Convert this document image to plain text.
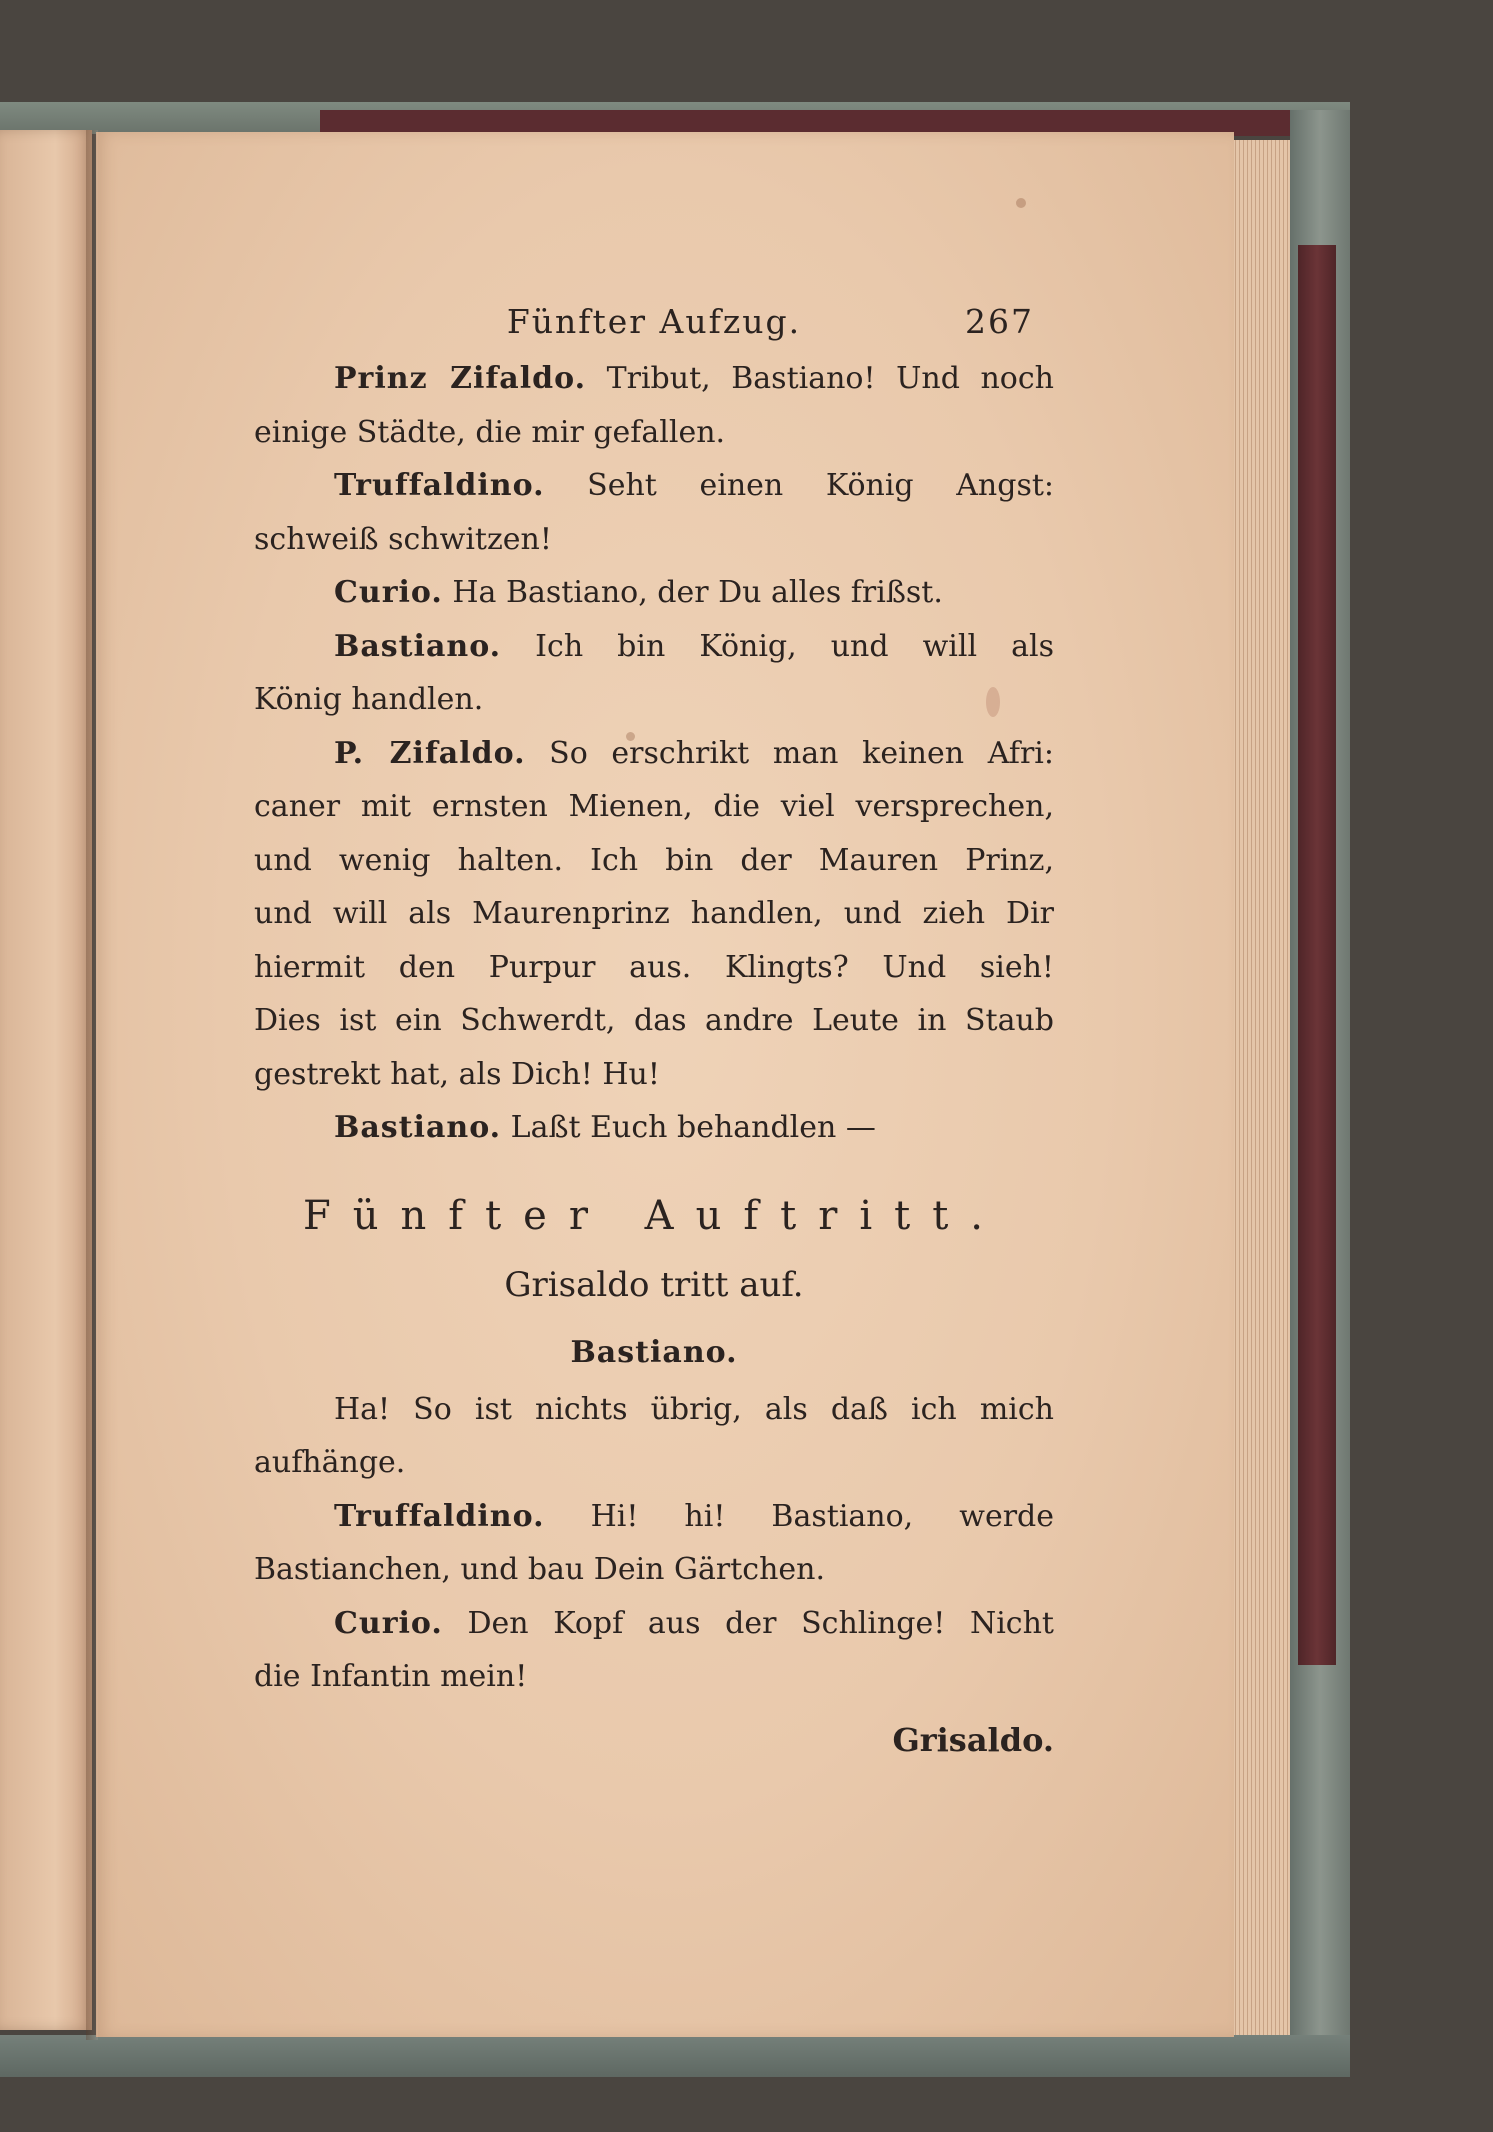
Fünfter Aufzug.	267
Prinz Zifaldo. Tribut, Bastiano! Und noch
einige Städte, die mir gefallen.
Truffaldino. Seht einen König Angst:
schweiß schwitzen!
Curio. Ha Bastiano, der Du alles frißst.
Bastiano. Ich bin König, und will als
König handlen.
P. Zifaldo. So erschrikt man keinen Afri:
caner mit ernsten Mienen, die viel versprechen,
und wenig halten. Ich bin der Mauren Prinz,
und will als Maurenprinz handlen, und zieh Dir
hiermit den Purpur aus. Klingts? Und sieh!
Dies ist ein Schwerdt, das andre Leute in Staub
gestrekt hat, als Dich! Hu!
Bastiano. Laßt Euch behandlen —
Fünfter Auftritt.
Grisaldo tritt auf.
Bastiano.
Ha! So ist nichts übrig, als daß ich mich
aufhänge.
Truffaldino. Hi! hi! Bastiano, werde
Bastianchen, und bau Dein Gärtchen.
Curio. Den Kopf aus der Schlinge! Nicht
die Infantin mein!
Grisaldo.
